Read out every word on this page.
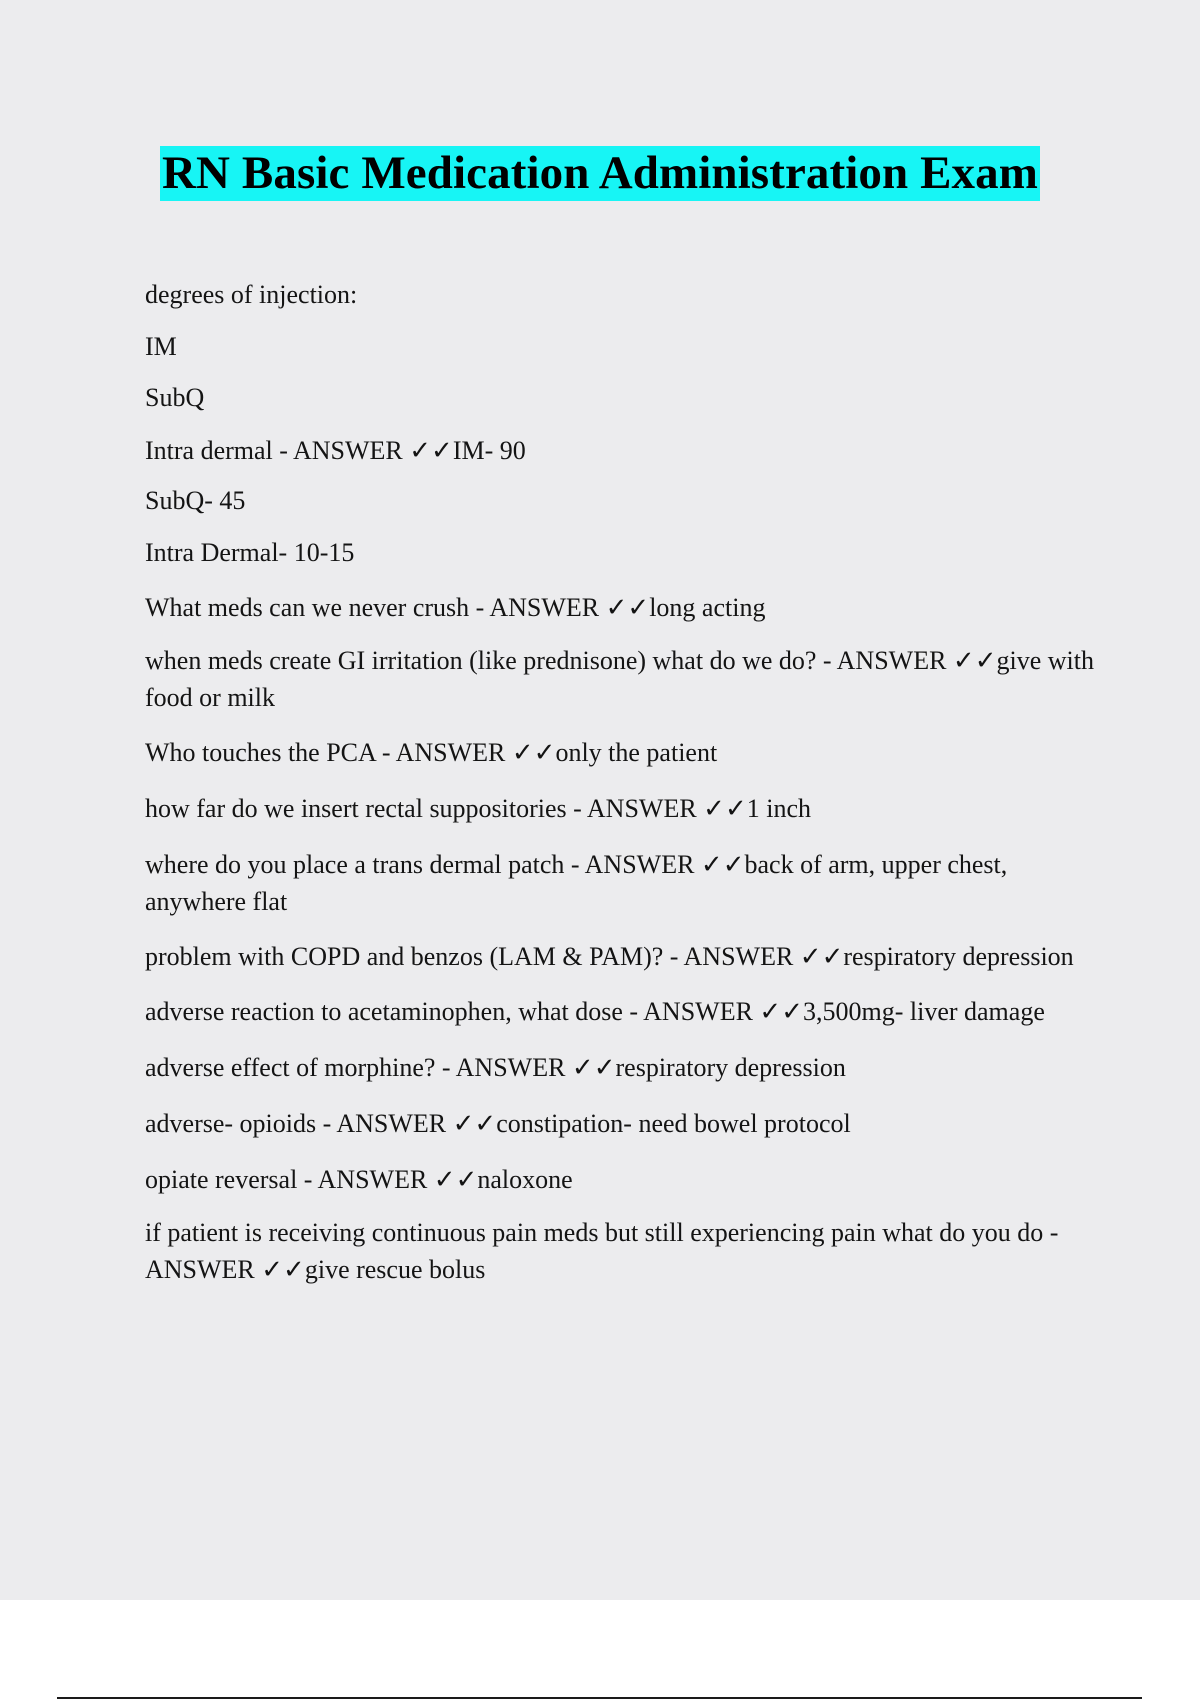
RN Basic Medication Administration Exam

degrees of injection:

IM

SubQ

Intra dermal - ANSWER ✓✓IM- 90

SubQ- 45

Intra Dermal- 10-15

What meds can we never crush - ANSWER ✓✓long acting

when meds create GI irritation (like prednisone) what do we do? - ANSWER ✓✓give with food or milk

Who touches the PCA - ANSWER ✓✓only the patient

how far do we insert rectal suppositories - ANSWER ✓✓1 inch

where do you place a trans dermal patch - ANSWER ✓✓back of arm, upper chest, anywhere flat

problem with COPD and benzos (LAM & PAM)? - ANSWER ✓✓respiratory depression

adverse reaction to acetaminophen, what dose - ANSWER ✓✓3,500mg- liver damage

adverse effect of morphine? - ANSWER ✓✓respiratory depression

adverse- opioids - ANSWER ✓✓constipation- need bowel protocol

opiate reversal - ANSWER ✓✓naloxone

if patient is receiving continuous pain meds but still experiencing pain what do you do - ANSWER ✓✓give rescue bolus
